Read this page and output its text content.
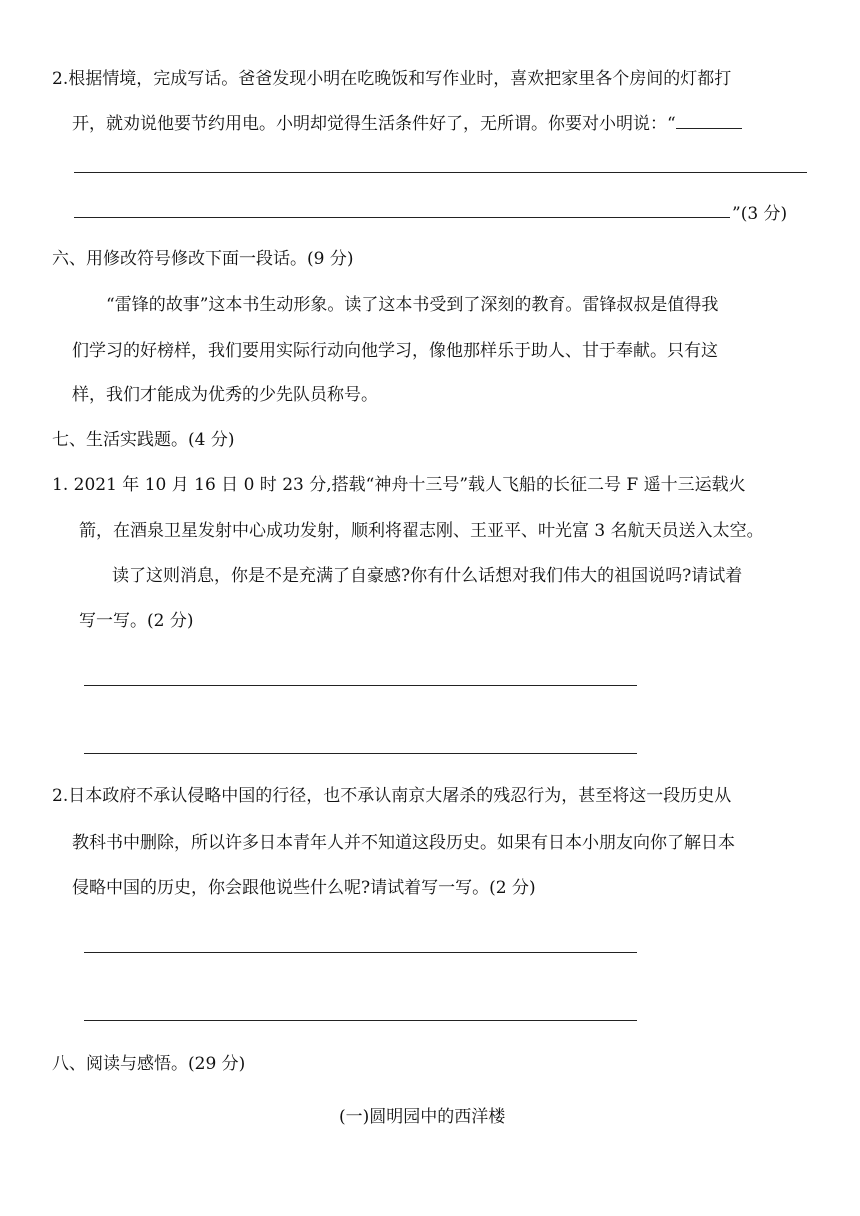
2.根据情境，完成写话。爸爸发现小明在吃晚饭和写作业时，喜欢把家里各个房间的灯都打
开，就劝说他要节约用电。小明却觉得生活条件好了，无所谓。你要对小明说：“
”(3 分)
六、用修改符号修改下面一段话。(9 分)
“雷锋的故事”这本书生动形象。读了这本书受到了深刻的教育。雷锋叔叔是值得我
们学习的好榜样，我们要用实际行动向他学习，像他那样乐于助人、甘于奉献。只有这
样，我们才能成为优秀的少先队员称号。
七、生活实践题。(4 分)
1. 2021 年 10 月 16 日 0 时 23 分,搭载“神舟十三号”载人飞船的长征二号 F 遥十三运载火
箭，在酒泉卫星发射中心成功发射，顺利将翟志刚、王亚平、叶光富 3 名航天员送入太空。
读了这则消息，你是不是充满了自豪感?你有什么话想对我们伟大的祖国说吗?请试着
写一写。(2 分)
2.日本政府不承认侵略中国的行径，也不承认南京大屠杀的残忍行为，甚至将这一段历史从
教科书中删除，所以许多日本青年人并不知道这段历史。如果有日本小朋友向你了解日本
侵略中国的历史，你会跟他说些什么呢?请试着写一写。(2 分)
八、阅读与感悟。(29 分)
(一)圆明园中的西洋楼
